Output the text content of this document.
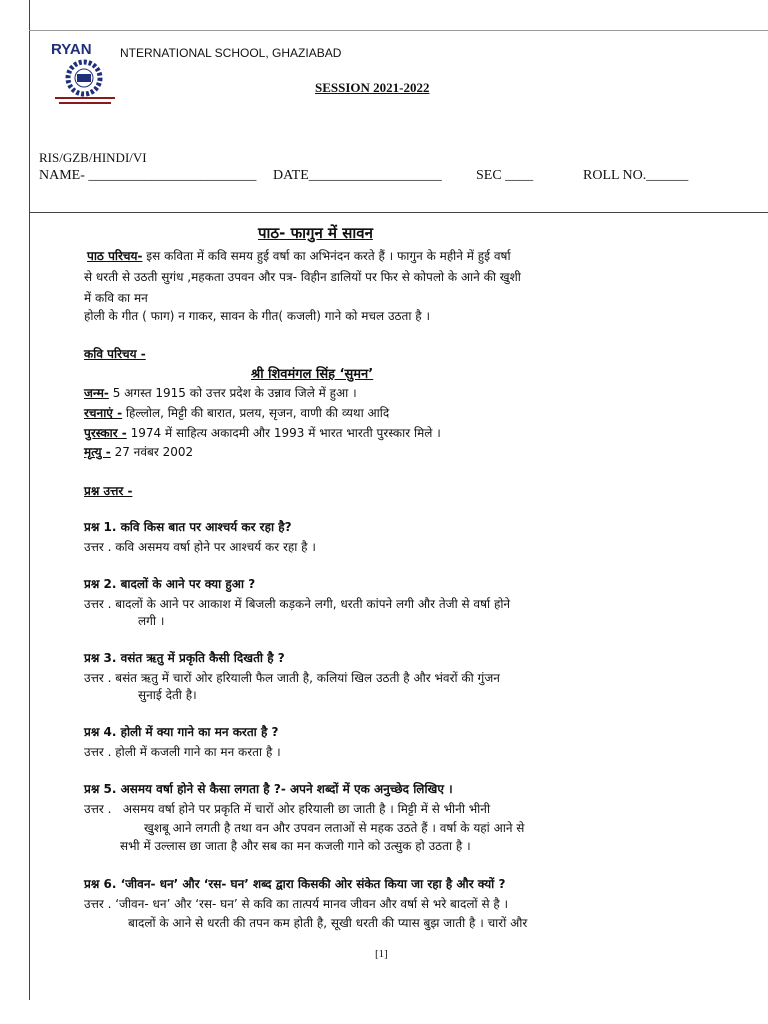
RYAN NTERNATIONAL SCHOOL, GHAZIABAD
SESSION 2021-2022
RIS/GZB/HINDI/VI

NAME- ________________________

DATE___________________

SEC ____

	ROLL NO.______

पाठ- फागुन में सावन
पाठ परिचय- इस कविता में कवि समय हुई वर्षा का अभिनंदन करते हैं । फागुन के महीने में हुई वर्षा
से धरती से उठती सुगंध ,महकता उपवन और पत्र- विहीन डालियों पर फिर से कोपलो के आने की खुशी
में कवि का मन
होली के गीत ( फाग) न गाकर, सावन के गीत( कजली) गाने को मचल उठता है ।
कवि परिचय -
श्री शिवमंगल सिंह ‘सुमन’
जन्म- 5 अगस्त 1915 को उत्तर प्रदेश के उन्नाव जिले में हुआ ।
रचनाएं - हिल्लोल, मिट्टी की बारात, प्रलय, सृजन, वाणी की व्यथा आदि
पुरस्कार - 1974 में साहित्य अकादमी और 1993 में भारत भारती पुरस्कार मिले ।
मृत्यु - 27 नवंबर 2002
प्रश्न उत्तर -
प्रश्न 1. कवि किस बात पर आश्चर्य कर रहा है?
उत्तर . कवि असमय वर्षा होने पर आश्चर्य कर रहा है ।
प्रश्न 2. बादलों के आने पर क्या हुआ ?
उत्तर . बादलों के आने पर आकाश में बिजली कड़कने लगी, धरती कांपने लगी और तेजी से वर्षा होने
लगी ।
प्रश्न 3. वसंत ऋतु में प्रकृति कैसी दिखती है ?
उत्तर . बसंत ऋतु में चारों ओर हरियाली फैल जाती है, कलियां खिल उठती है और भंवरों की गुंजन
सुनाई देती है।
प्रश्न 4. होली में क्या गाने का मन करता है ?
उत्तर . होली में कजली गाने का मन करता है ।
प्रश्न 5. असमय वर्षा होने से कैसा लगता है ?- अपने शब्दों में एक अनुच्छेद लिखिए ।
उत्तर .   असमय वर्षा होने पर प्रकृति में चारों ओर हरियाली छा जाती है । मिट्टी में से भीनी भीनी
खुशबू आने लगती है तथा वन और उपवन लताओं से महक उठते हैं । वर्षा के यहां आने से
सभी में उल्लास छा जाता है और सब का मन कजली गाने को उत्सुक हो उठता है ।
प्रश्न 6. ‘जीवन- धन’ और ‘रस- घन’ शब्द द्वारा किसकी ओर संकेत किया जा रहा है और क्यों ?
उत्तर . ‘जीवन- धन’ और ‘रस- घन’ से कवि का तात्पर्य मानव जीवन और वर्षा से भरे बादलों से है ।
बादलों के आने से धरती की तपन कम होती है, सूखी धरती की प्यास बुझ जाती है । चारों और
[1]
